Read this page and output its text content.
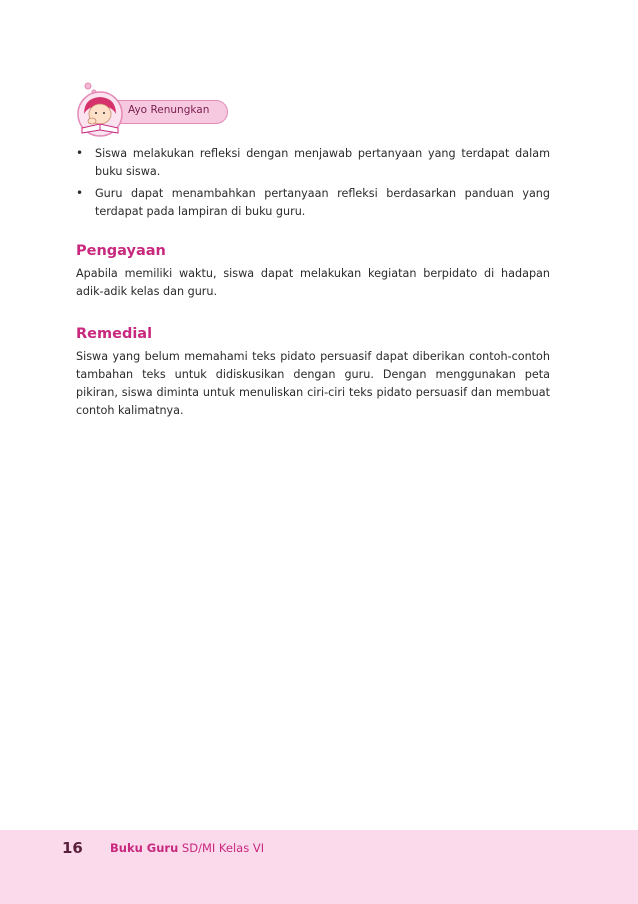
Ayo Renungkan
• Siswa melakukan refleksi dengan menjawab pertanyaan yang terdapat dalam buku siswa.
• Guru dapat menambahkan pertanyaan refleksi berdasarkan panduan yang terdapat pada lampiran di buku guru.
Pengayaan

Apabila memiliki waktu, siswa dapat melakukan kegiatan berpidato di hadapan adik-adik kelas dan guru.

Remedial

Siswa yang belum memahami teks pidato persuasif dapat diberikan contoh-contoh tambahan teks untuk didiskusikan dengan guru. Dengan menggunakan peta pikiran, siswa diminta untuk menuliskan ciri-ciri teks pidato persuasif dan membuat contoh kalimatnya.

16 Buku Guru SD/MI Kelas VI
